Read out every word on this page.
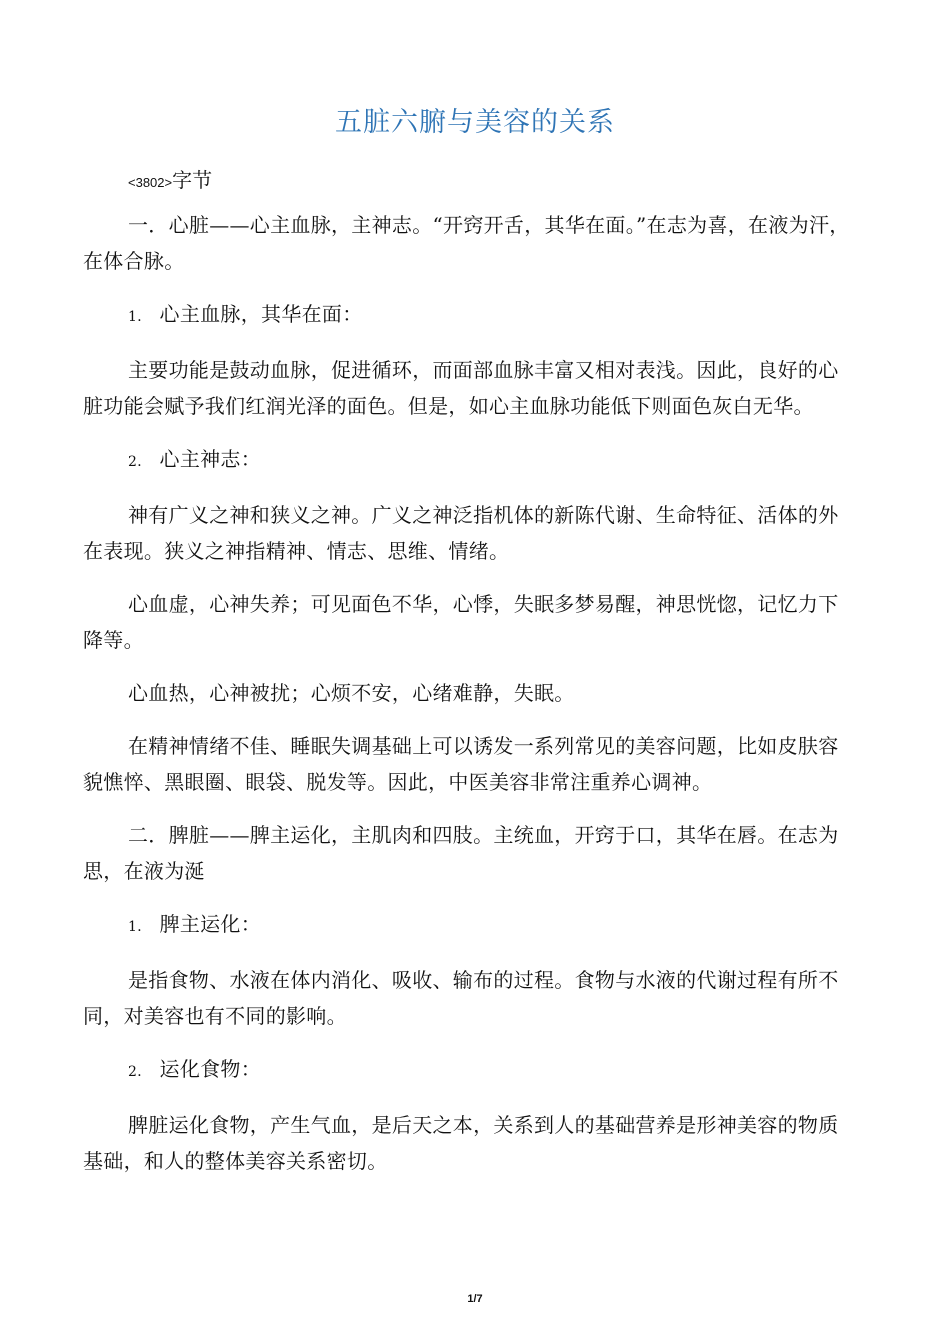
五脏六腑与美容的关系
<3802>字节

一．心脏——心主血脉，主神志。“开窍开舌，其华在面。”在志为喜，在液为汗，在体合脉。

1． 心主血脉，其华在面：

主要功能是鼓动血脉，促进循环，而面部血脉丰富又相对表浅。因此，良好的心脏功能会赋予我们红润光泽的面色。但是，如心主血脉功能低下则面色灰白无华。

2． 心主神志：

神有广义之神和狭义之神。广义之神泛指机体的新陈代谢、生命特征、活体的外在表现。狭义之神指精神、情志、思维、情绪。

心血虚，心神失养；可见面色不华，心悸，失眠多梦易醒，神思恍惚，记忆力下降等。

心血热，心神被扰；心烦不安，心绪难静，失眠。

在精神情绪不佳、睡眠失调基础上可以诱发一系列常见的美容问题，比如皮肤容貌憔悴、黑眼圈、眼袋、脱发等。因此，中医美容非常注重养心调神。

二．脾脏——脾主运化，主肌肉和四肢。主统血，开窍于口，其华在唇。在志为思，在液为涎

1． 脾主运化：

是指食物、水液在体内消化、吸收、输布的过程。食物与水液的代谢过程有所不同，对美容也有不同的影响。

2． 运化食物：

脾脏运化食物，产生气血，是后天之本，关系到人的基础营养是形神美容的物质基础，和人的整体美容关系密切。

1/7
